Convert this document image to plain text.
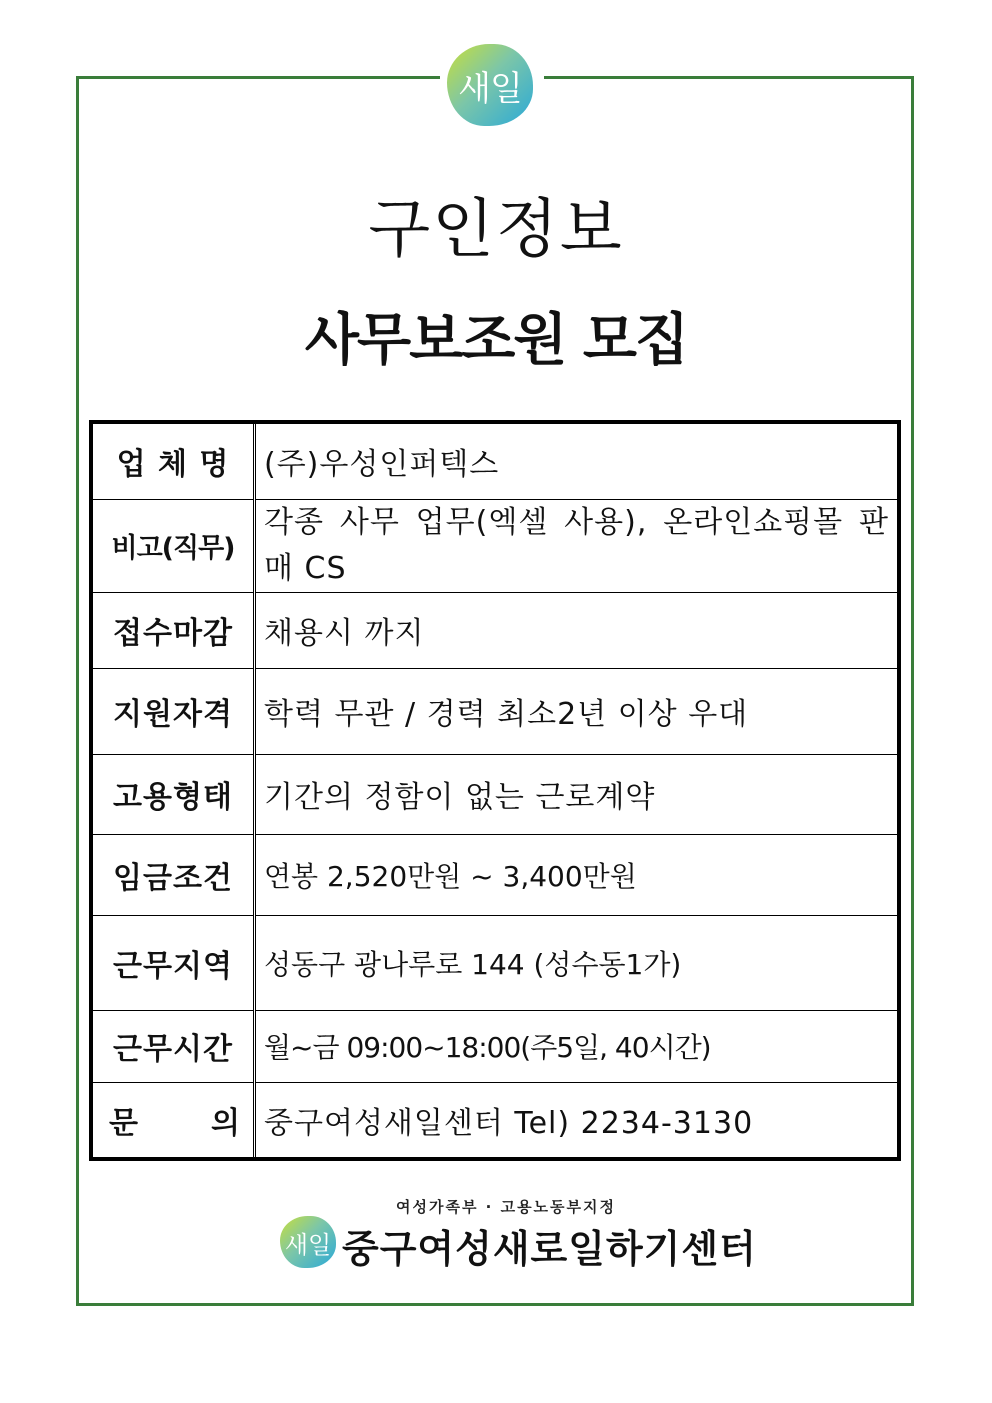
새일
구인정보
사무보조원 모집
업 체 명	(주)우성인퍼텍스
비고(직무)	각종 사무 업무(엑셀 사용), 온라인쇼핑몰 판매 CS
접수마감	채용시 까지
지원자격	학력 무관 / 경력 최소2년 이상 우대
고용형태	기간의 정함이 없는 근로계약
임금조건	연봉 2,520만원 ~ 3,400만원
근무지역	성동구 광나루로 144 (성수동1가)
근무시간	월~금 09:00~18:00(주5일, 40시간)

문 의	중구여성새일센터 Tel) 2234-3130
여성가족부 · 고용노동부지정
새일 중구여성새로일하기센터
